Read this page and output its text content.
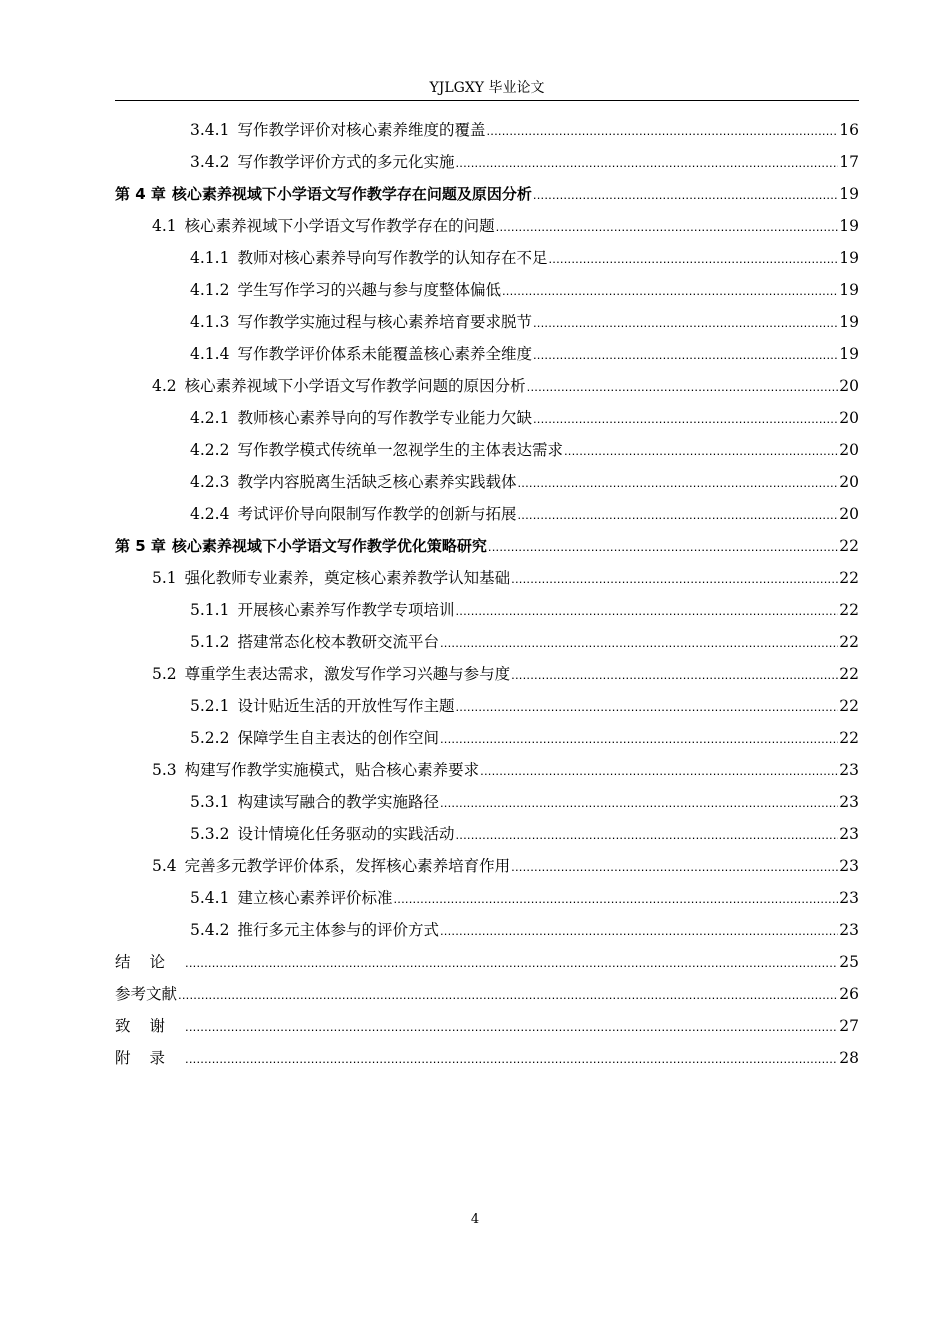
YJLGXY 毕业论文
3.4.1 写作教学评价对核心素养维度的覆盖 .....	16
3.4.2 写作教学评价方式的多元化实施 .....	17
第 4 章 核心素养视域下小学语文写作教学存在问题及原因分析 .....	19
4.1 核心素养视域下小学语文写作教学存在的问题 .....	19
4.1.1 教师对核心素养导向写作教学的认知存在不足 .....	19
4.1.2 学生写作学习的兴趣与参与度整体偏低 .....	19
4.1.3 写作教学实施过程与核心素养培育要求脱节 .....	19
4.1.4 写作教学评价体系未能覆盖核心素养全维度 .....	19
4.2 核心素养视域下小学语文写作教学问题的原因分析 .....	20
4.2.1 教师核心素养导向的写作教学专业能力欠缺 .....	20
4.2.2 写作教学模式传统单一忽视学生的主体表达需求 .....	20
4.2.3 教学内容脱离生活缺乏核心素养实践载体 .....	20
4.2.4 考试评价导向限制写作教学的创新与拓展 .....	20
第 5 章 核心素养视域下小学语文写作教学优化策略研究 .....	22
5.1 强化教师专业素养，奠定核心素养教学认知基础 .....	22
5.1.1 开展核心素养写作教学专项培训 .....	22
5.1.2 搭建常态化校本教研交流平台 .....	22
5.2 尊重学生表达需求，激发写作学习兴趣与参与度 .....	22
5.2.1 设计贴近生活的开放性写作主题 .....	22
5.2.2 保障学生自主表达的创作空间 .....	22
5.3 构建写作教学实施模式，贴合核心素养要求 .....	23
5.3.1 构建读写融合的教学实施路径 .....	23
5.3.2 设计情境化任务驱动的实践活动 .....	23
5.4 完善多元教学评价体系，发挥核心素养培育作用 .....	23
5.4.1 建立核心素养评价标准 .....	23
5.4.2 推行多元主体参与的评价方式 .....	23
结论 .....	25
参考文献 .....	26
致谢 .....	27
附录 .....	28
4
